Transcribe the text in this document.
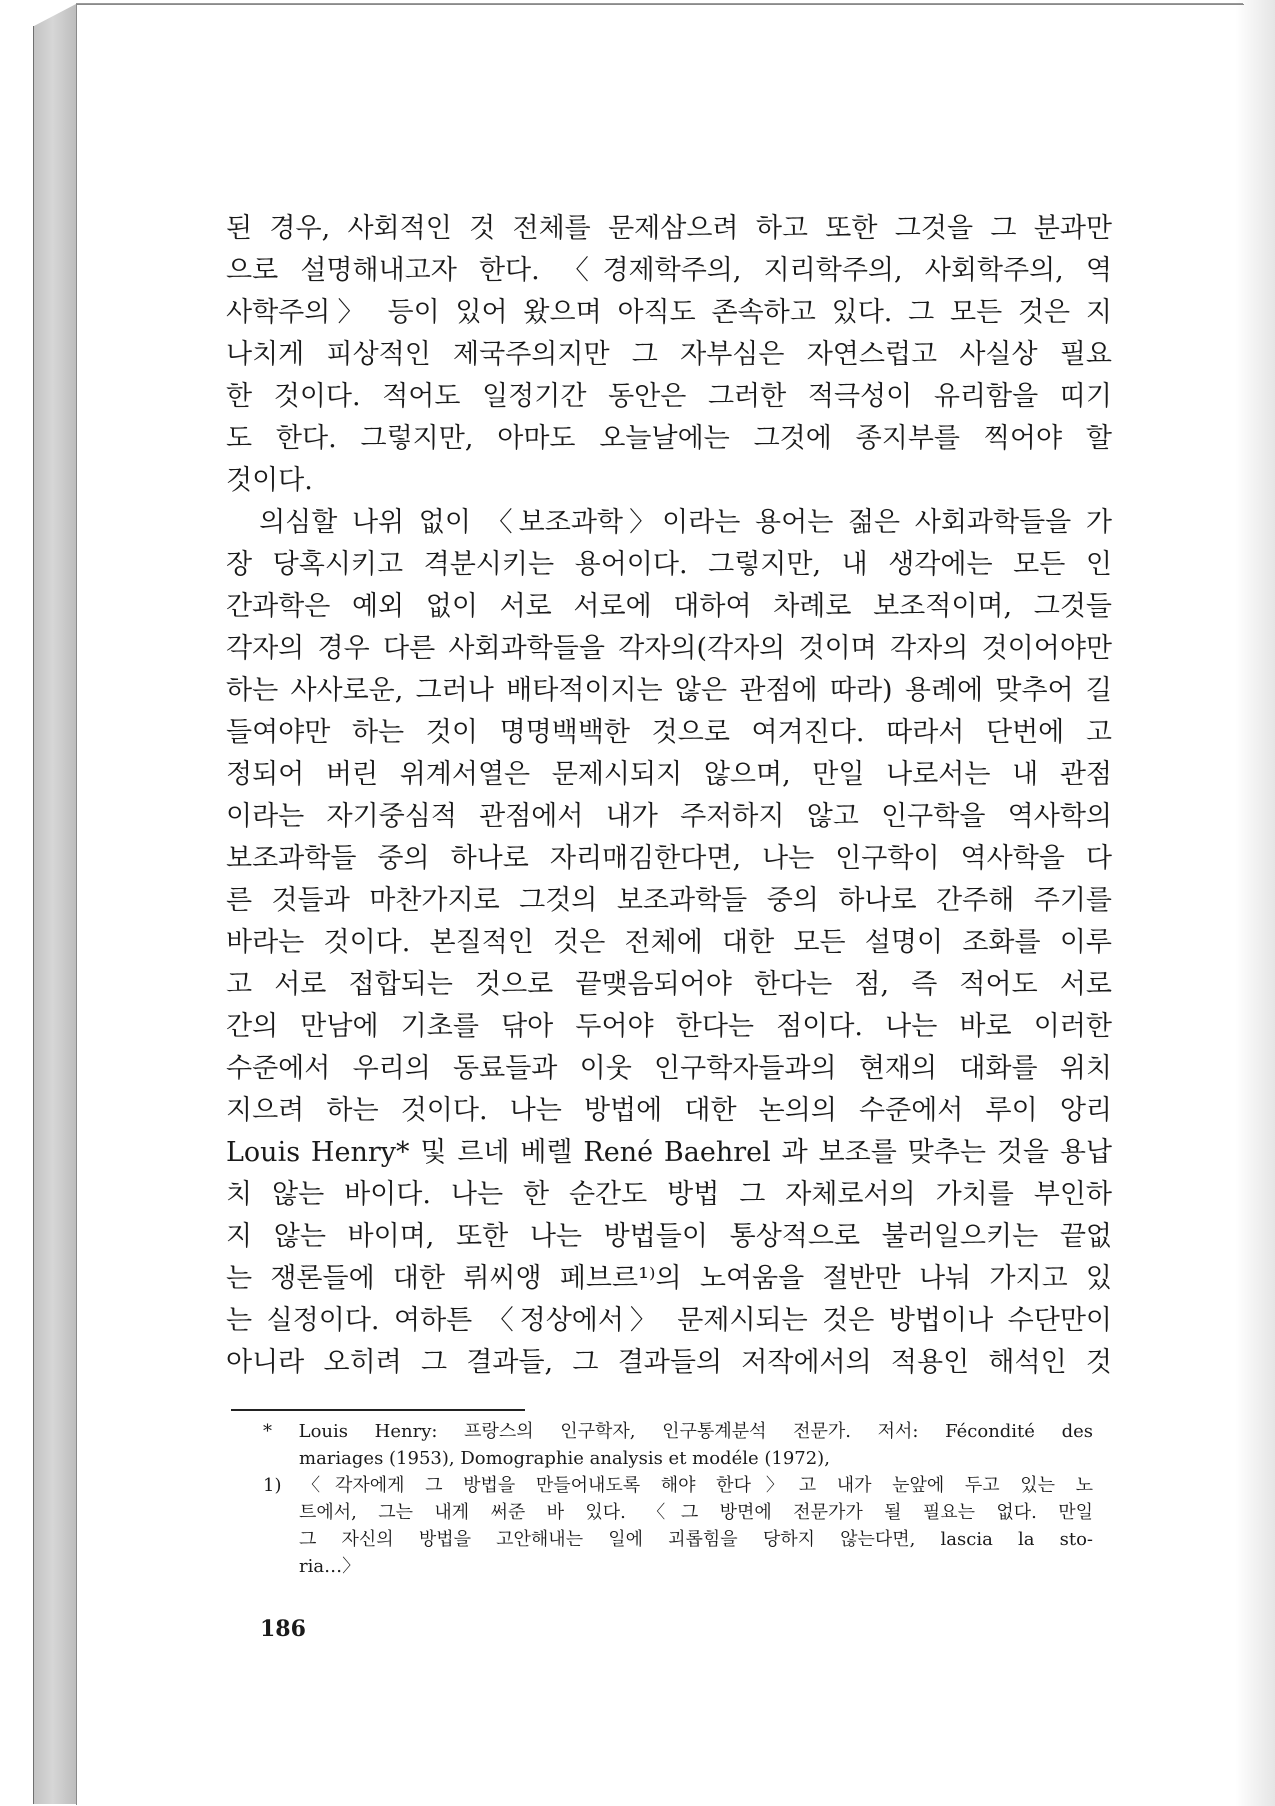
된 경우, 사회적인 것 전체를 문제삼으려 하고 또한 그것을 그 분과만
으로 설명해내고자 한다. 〈경제학주의, 지리학주의, 사회학주의, 역
사학주의〉 등이 있어 왔으며 아직도 존속하고 있다. 그 모든 것은 지
나치게 피상적인 제국주의지만 그 자부심은 자연스럽고 사실상 필요
한 것이다. 적어도 일정기간 동안은 그러한 적극성이 유리함을 띠기
도 한다. 그렇지만, 아마도 오늘날에는 그것에 종지부를 찍어야 할
것이다.
　의심할 나위 없이 〈보조과학〉이라는 용어는 젊은 사회과학들을 가
장 당혹시키고 격분시키는 용어이다. 그렇지만, 내 생각에는 모든 인
간과학은 예외 없이 서로 서로에 대하여 차례로 보조적이며, 그것들
각자의 경우 다른 사회과학들을 각자의(각자의 것이며 각자의 것이어야만
하는 사사로운, 그러나 배타적이지는 않은 관점에 따라) 용례에 맞추어 길
들여야만 하는 것이 명명백백한 것으로 여겨진다. 따라서 단번에 고
정되어 버린 위계서열은 문제시되지 않으며, 만일 나로서는 내 관점
이라는 자기중심적 관점에서 내가 주저하지 않고 인구학을 역사학의
보조과학들 중의 하나로 자리매김한다면, 나는 인구학이 역사학을 다
른 것들과 마찬가지로 그것의 보조과학들 중의 하나로 간주해 주기를
바라는 것이다. 본질적인 것은 전체에 대한 모든 설명이 조화를 이루
고 서로 접합되는 것으로 끝맺음되어야 한다는 점, 즉 적어도 서로
간의 만남에 기초를 닦아 두어야 한다는 점이다. 나는 바로 이러한
수준에서 우리의 동료들과 이웃 인구학자들과의 현재의 대화를 위치
지으려 하는 것이다. 나는 방법에 대한 논의의 수준에서 루이 앙리
Louis Henry* 및 르네 베렐 René Baehrel 과 보조를 맞추는 것을 용납
치 않는 바이다. 나는 한 순간도 방법 그 자체로서의 가치를 부인하
지 않는 바이며, 또한 나는 방법들이 통상적으로 불러일으키는 끝없
는 쟁론들에 대한 뤼씨앵 페브르¹⁾의 노여움을 절반만 나눠 가지고 있
는 실정이다. 여하튼 〈정상에서〉 문제시되는 것은 방법이나 수단만이
아니라 오히려 그 결과들, 그 결과들의 저작에서의 적용인 해석인 것
* Louis Henry: 프랑스의 인구학자, 인구통계분석 전문가. 저서: Fécondité des
mariages (1953), Domographie analysis et modéle (1972),
1) 〈각자에게 그 방법을 만들어내도록 해야 한다〉고 내가 눈앞에 두고 있는 노
트에서, 그는 내게 써준 바 있다. 〈그 방면에 전문가가 될 필요는 없다. 만일
그 자신의 방법을 고안해내는 일에 괴롭힘을 당하지 않는다면, lascia la sto-
ria…〉
186
